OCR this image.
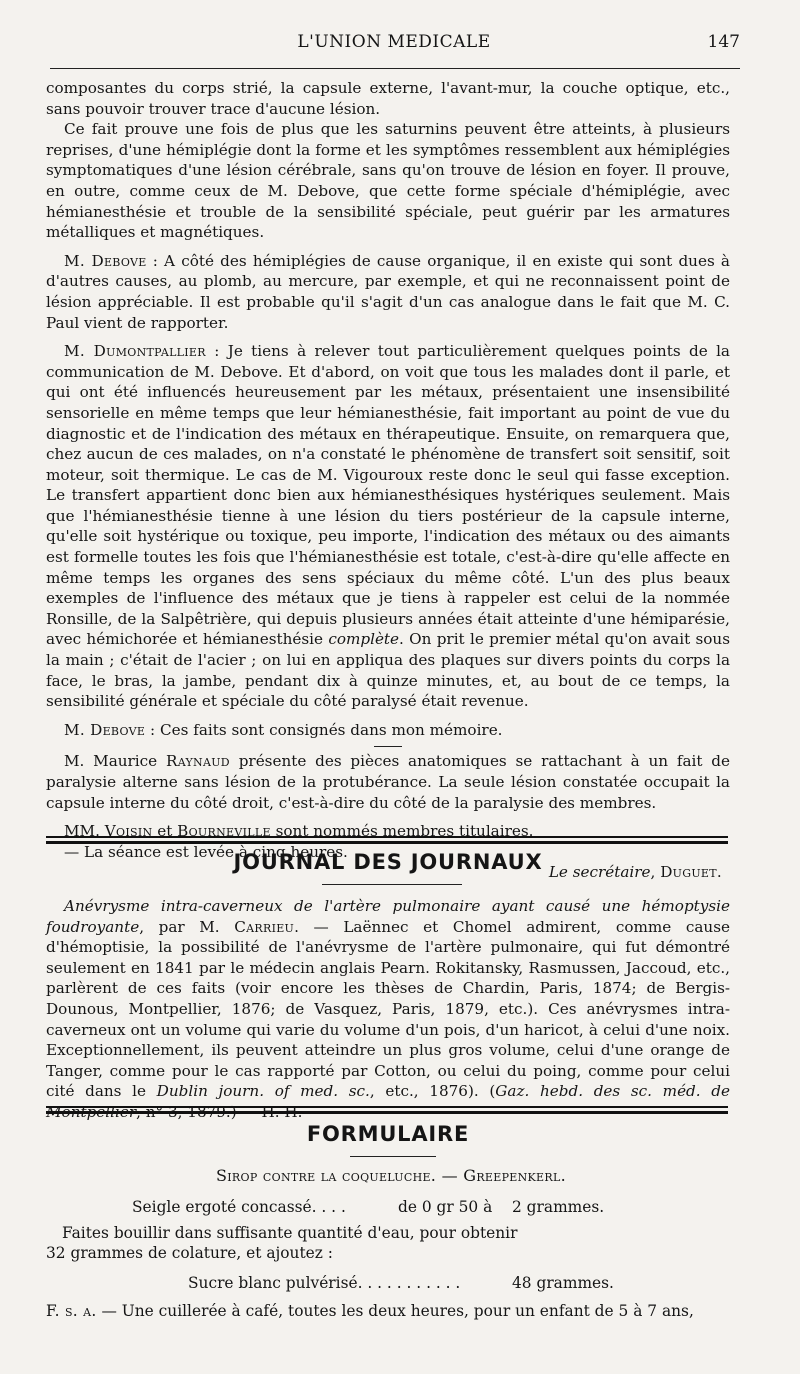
L'UNION MEDICALE	147

composantes du corps strié, la capsule externe, l'avant-mur, la couche optique, etc., sans pouvoir trouver trace d'aucune lésion.

Ce fait prouve une fois de plus que les saturnins peuvent être atteints, à plusieurs reprises, d'une hémiplégie dont la forme et les symptômes ressemblent aux hémiplégies symptomatiques d'une lésion cérébrale, sans qu'on trouve de lésion en foyer. Il prouve, en outre, comme ceux de M. Debove, que cette forme spéciale d'hémiplégie, avec hémianesthésie et trouble de la sensibilité spéciale, peut guérir par les armatures métalliques et magnétiques.

M. Debove : A côté des hémiplégies de cause organique, il en existe qui sont dues à d'autres causes, au plomb, au mercure, par exemple, et qui ne reconnaissent point de lésion appréciable. Il est probable qu'il s'agit d'un cas analogue dans le fait que M. C. Paul vient de rapporter.

M. Dumontpallier : Je tiens à relever tout particulièrement quelques points de la communication de M. Debove. Et d'abord, on voit que tous les malades dont il parle, et qui ont été influencés heureusement par les métaux, présentaient une insensibilité sensorielle en même temps que leur hémianesthésie, fait important au point de vue du diagnostic et de l'indication des métaux en thérapeutique. Ensuite, on remarquera que, chez aucun de ces malades, on n'a constaté le phénomène de transfert soit sensitif, soit moteur, soit thermique. Le cas de M. Vigouroux reste donc le seul qui fasse exception. Le transfert appartient donc bien aux hémianesthésiques hystériques seulement. Mais que l'hémianesthésie tienne à une lésion du tiers postérieur de la capsule interne, qu'elle soit hystérique ou toxique, peu importe, l'indication des métaux ou des aimants est formelle toutes les fois que l'hémianesthésie est totale, c'est-à-dire qu'elle affecte en même temps les organes des sens spéciaux du même côté. L'un des plus beaux exemples de l'influence des métaux que je tiens à rappeler est celui de la nommée Ronsille, de la Salpêtrière, qui depuis plusieurs années était atteinte d'une hémiparésie, avec hémichorée et hémianesthésie complète. On prit le premier métal qu'on avait sous la main ; c'était de l'acier ; on lui en appliqua des plaques sur divers points du corps la face, le bras, la jambe, pendant dix à quinze minutes, et, au bout de ce temps, la sensibilité générale et spéciale du côté paralysé était revenue.

M. Debove : Ces faits sont consignés dans mon mémoire.

M. Maurice Raynaud présente des pièces anatomiques se rattachant à un fait de paralysie alterne sans lésion de la protubérance. La seule lésion constatée occupait la capsule interne du côté droit, c'est-à-dire du côté de la paralysie des membres.

MM. Voisin et Bourneville sont nommés membres titulaires.

— La séance est levée à cinq heures.

Le secrétaire, Duguet.

JOURNAL DES JOURNAUX

Anévrysme intra-caverneux de l'artère pulmonaire ayant causé une hémoptysie foudroyante, par M. Carrieu. — Laënnec et Chomel admirent, comme cause d'hémoptisie, la possibilité de l'anévrysme de l'artère pulmonaire, qui fut démontré seulement en 1841 par le médecin anglais Pearn. Rokitansky, Rasmussen, Jaccoud, etc., parlèrent de ces faits (voir encore les thèses de Chardin, Paris, 1874; de Bergis-Dounous, Montpellier, 1876; de Vasquez, Paris, 1879, etc.). Ces anévrysmes intra-caverneux ont un volume qui varie du volume d'un pois, d'un haricot, à celui d'une noix. Exceptionnellement, ils peuvent atteindre un plus gros volume, celui d'une orange de Tanger, comme pour le cas rapporté par Cotton, ou celui du poing, comme pour celui cité dans le Dublin journ. of med. sc., etc., 1876). (Gaz. hebd. des sc. méd. de Montpellier, n° 3, 1879.) — H. H.

FORMULAIRE
Sirop contre la coqueluche. — Greepenkerl.
Seigle ergoté concassé. . . .	de 0 gr 50 à 2 grammes.
Faites bouillir dans suffisante quantité d'eau, pour obtenir
32 grammes de colature, et ajoutez :
Sucre blanc pulvérisé. . . . . . . . . . .	48 grammes.
F. s. a. — Une cuillerée à café, toutes les deux heures, pour un enfant de 5 à 7 ans,
